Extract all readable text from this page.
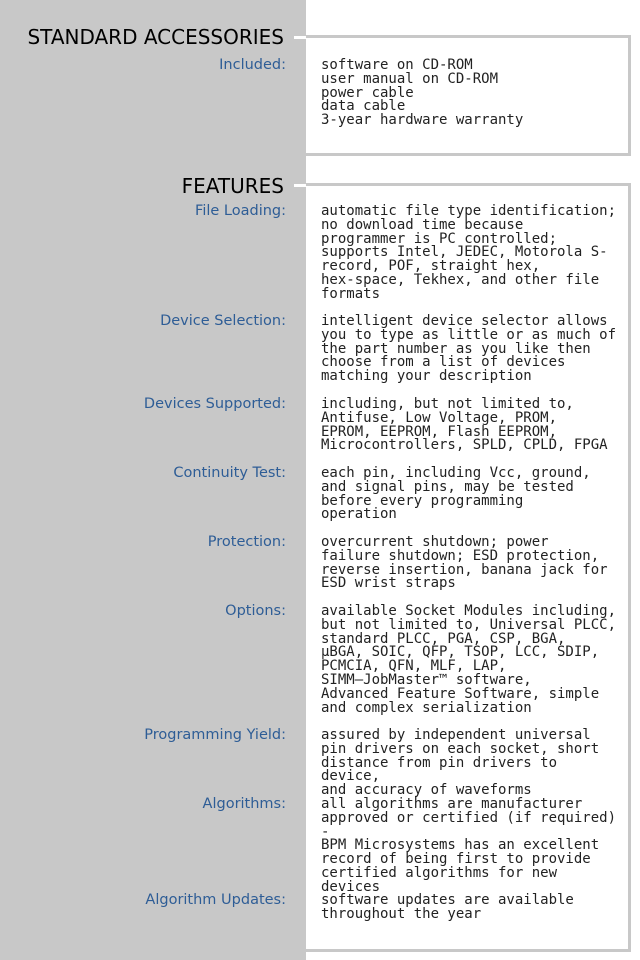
STANDARD ACCESSORIES
Included:	software on CD-ROM
user manual on CD-ROM
power cable
data cable
3-year hardware warranty
FEATURES
File Loading:	automatic file type identification;
no download time because
programmer is PC controlled;
supports Intel, JEDEC, Motorola S-
record, POF, straight hex,
hex-space, Tekhex, and other file
formats
Device Selection:	intelligent device selector allows
you to type as little or as much of
the part number as you like then
choose from a list of devices
matching your description
Devices Supported:	including, but not limited to,
Antifuse, Low Voltage, PROM,
EPROM, EEPROM, Flash EEPROM,
Microcontrollers, SPLD, CPLD, FPGA
Continuity Test:	each pin, including Vcc, ground,
and signal pins, may be tested
before every programming
operation
Protection:	overcurrent shutdown; power
failure shutdown; ESD protection,
reverse insertion, banana jack for
ESD wrist straps
Options:	available Socket Modules including,
but not limited to, Universal PLCC,
standard PLCC, PGA, CSP, BGA,
µBGA, SOIC, QFP, TSOP, LCC, SDIP,
PCMCIA, QFN, MLF, LAP,
SIMM—JobMaster™ software,
Advanced Feature Software, simple
and complex serialization
Programming Yield:	assured by independent universal
pin drivers on each socket, short
distance from pin drivers to device,
and accuracy of waveforms
Algorithms:	all algorithms are manufacturer
approved or certified (if required) -
BPM Microsystems has an excellent
record of being first to provide
certified algorithms for new
devices
Algorithm Updates:	software updates are available
throughout the year
